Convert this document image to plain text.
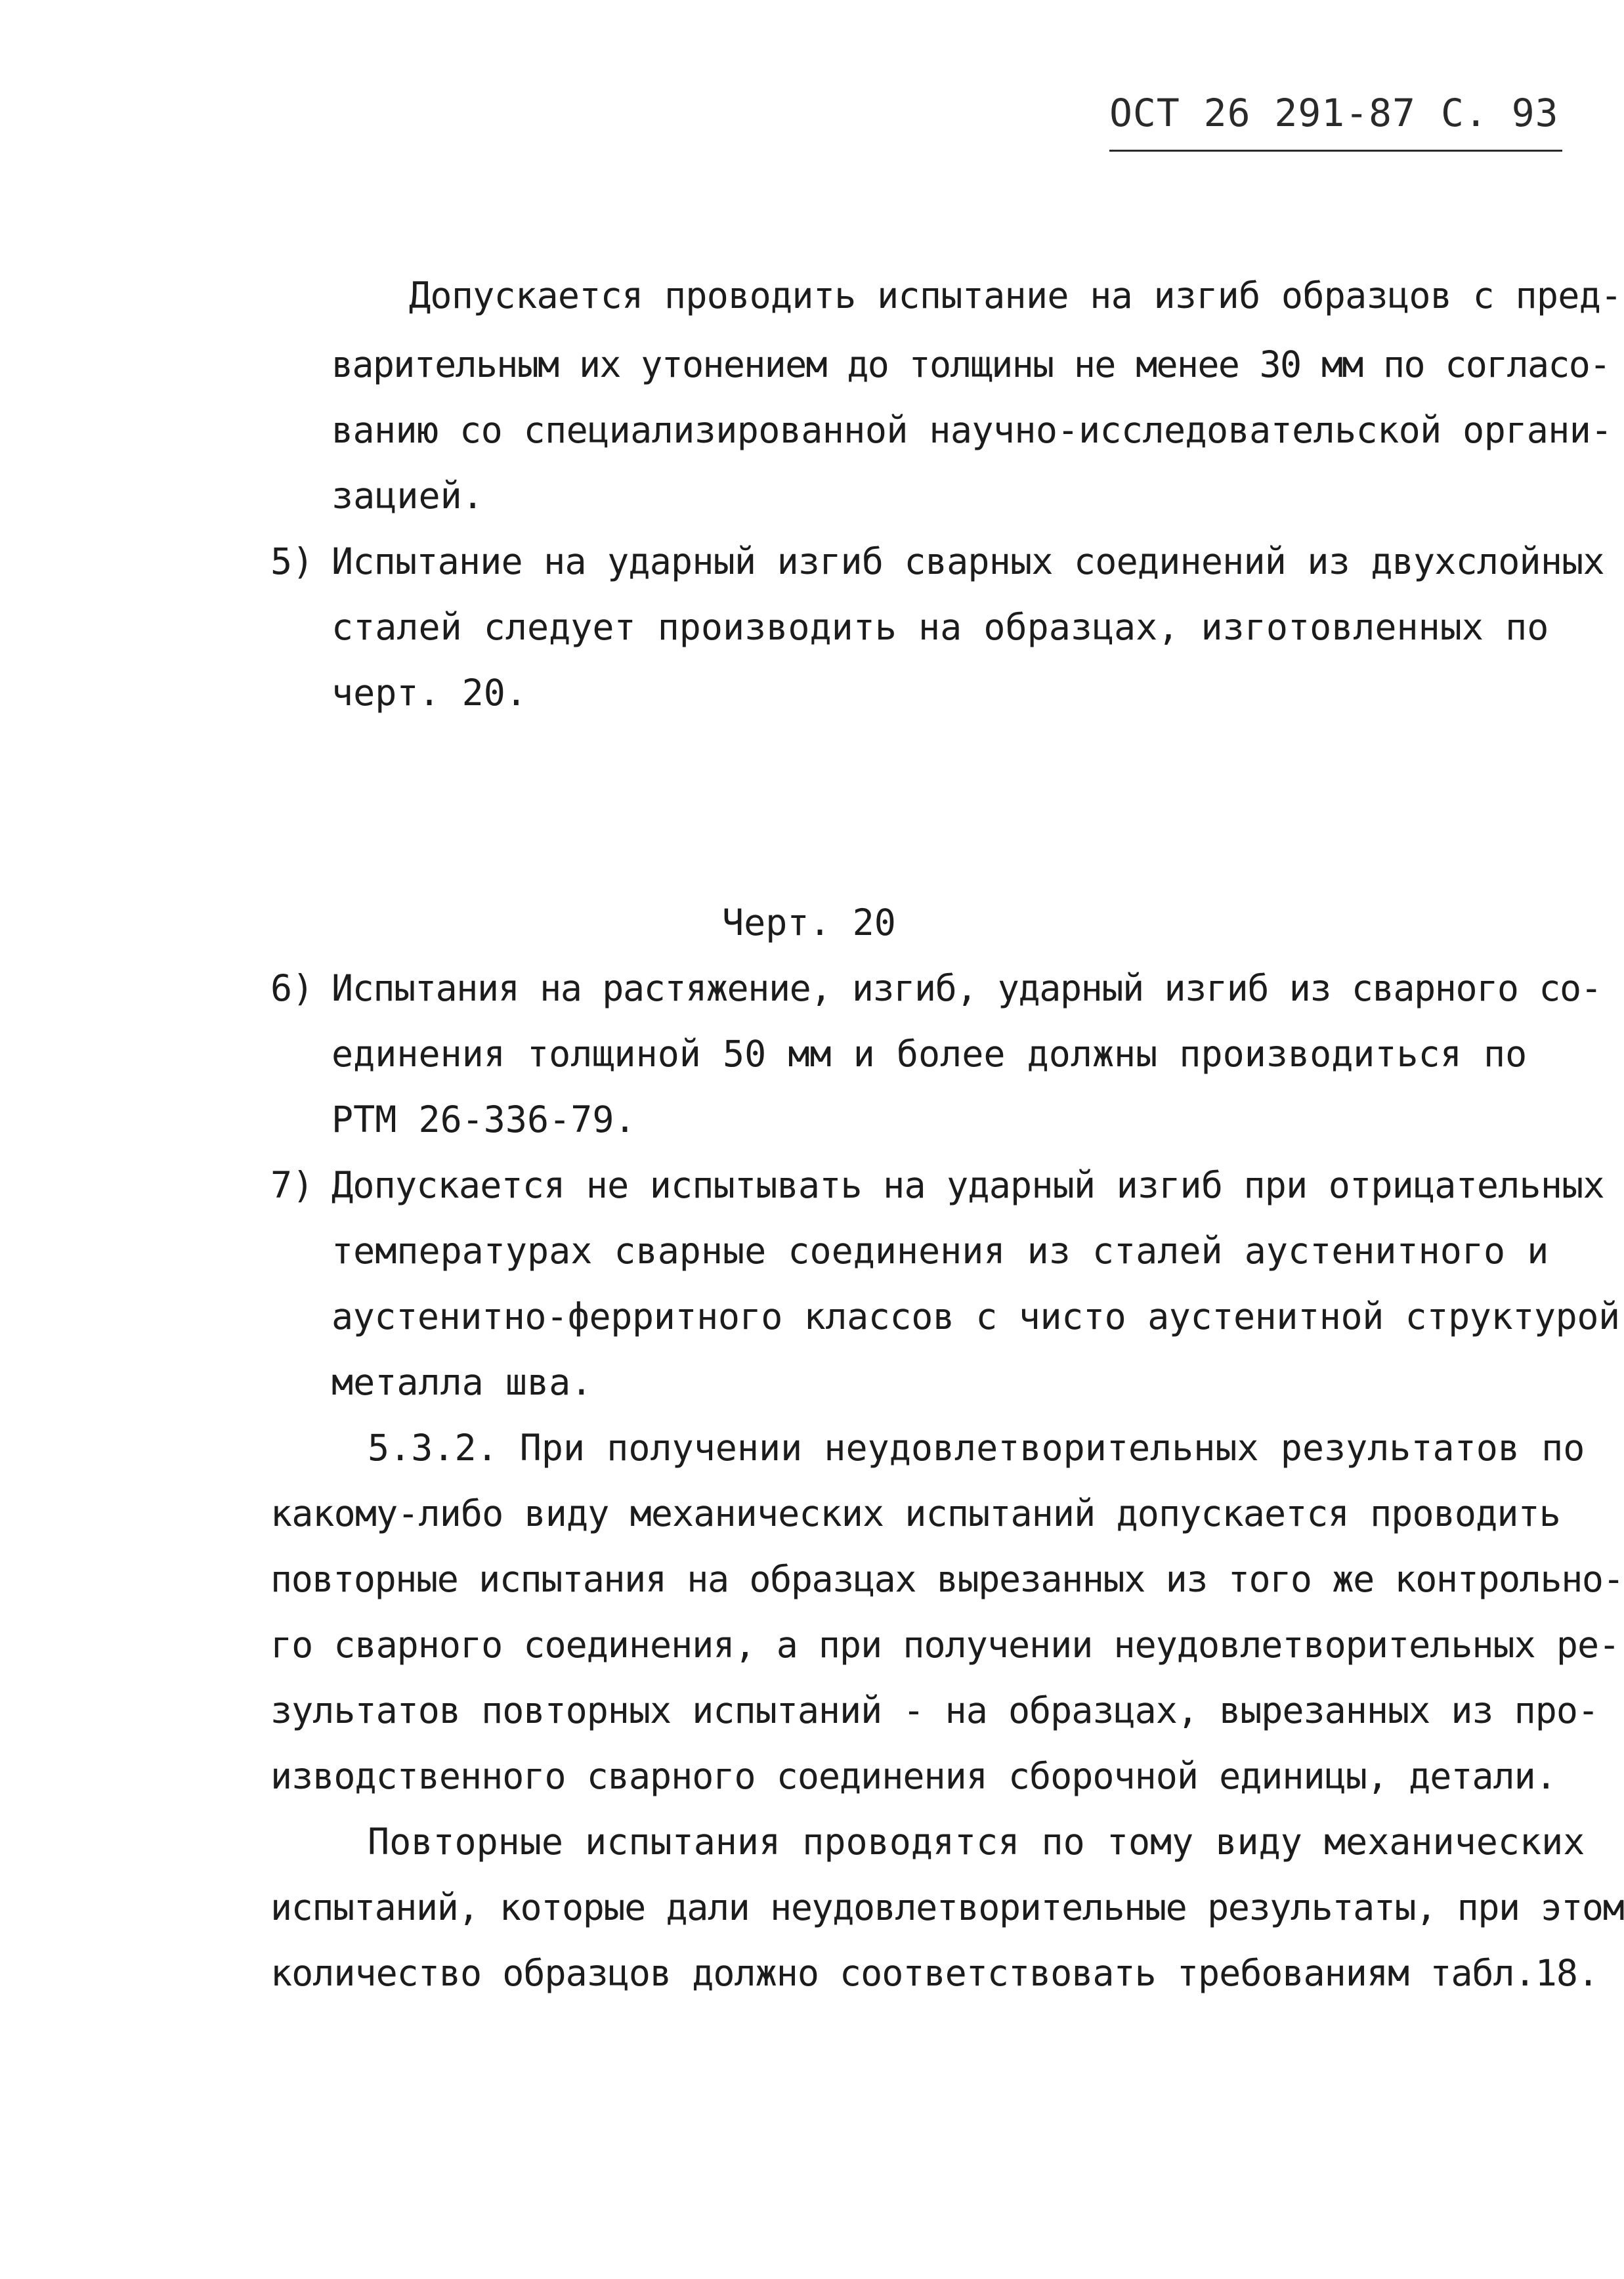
ОСТ 26 291-87 С. 93
Допускается проводить испытание на изгиб образцов с пред-
варительным их утонением до толщины не менее 30 мм по согласо-
ванию со специализированной научно-исследовательской органи-
зацией.
5) Испытание на ударный изгиб сварных соединений из двухслойных
сталей следует производить на образцах, изготовленных по
черт. 20.
Черт. 20
6) Испытания на растяжение, изгиб, ударный изгиб из сварного со-
единения толщиной 50 мм и более должны производиться по
РТМ 26-336-79.
7) Допускается не испытывать на ударный изгиб при отрицательных
температурах сварные соединения из сталей аустенитного и
аустенитно-ферритного классов с чисто аустенитной структурой
металла шва.
5.3.2. При получении неудовлетворительных результатов по
какому-либо виду механических испытаний допускается проводить
повторные испытания на образцах вырезанных из того же контрольно-
го сварного соединения, а при получении неудовлетворительных ре-
зультатов повторных испытаний - на образцах, вырезанных из про-
изводственного сварного соединения сборочной единицы, детали.
Повторные испытания проводятся по тому виду механических
испытаний, которые дали неудовлетворительные результаты, при этом
количество образцов должно соответствовать требованиям табл.18.
